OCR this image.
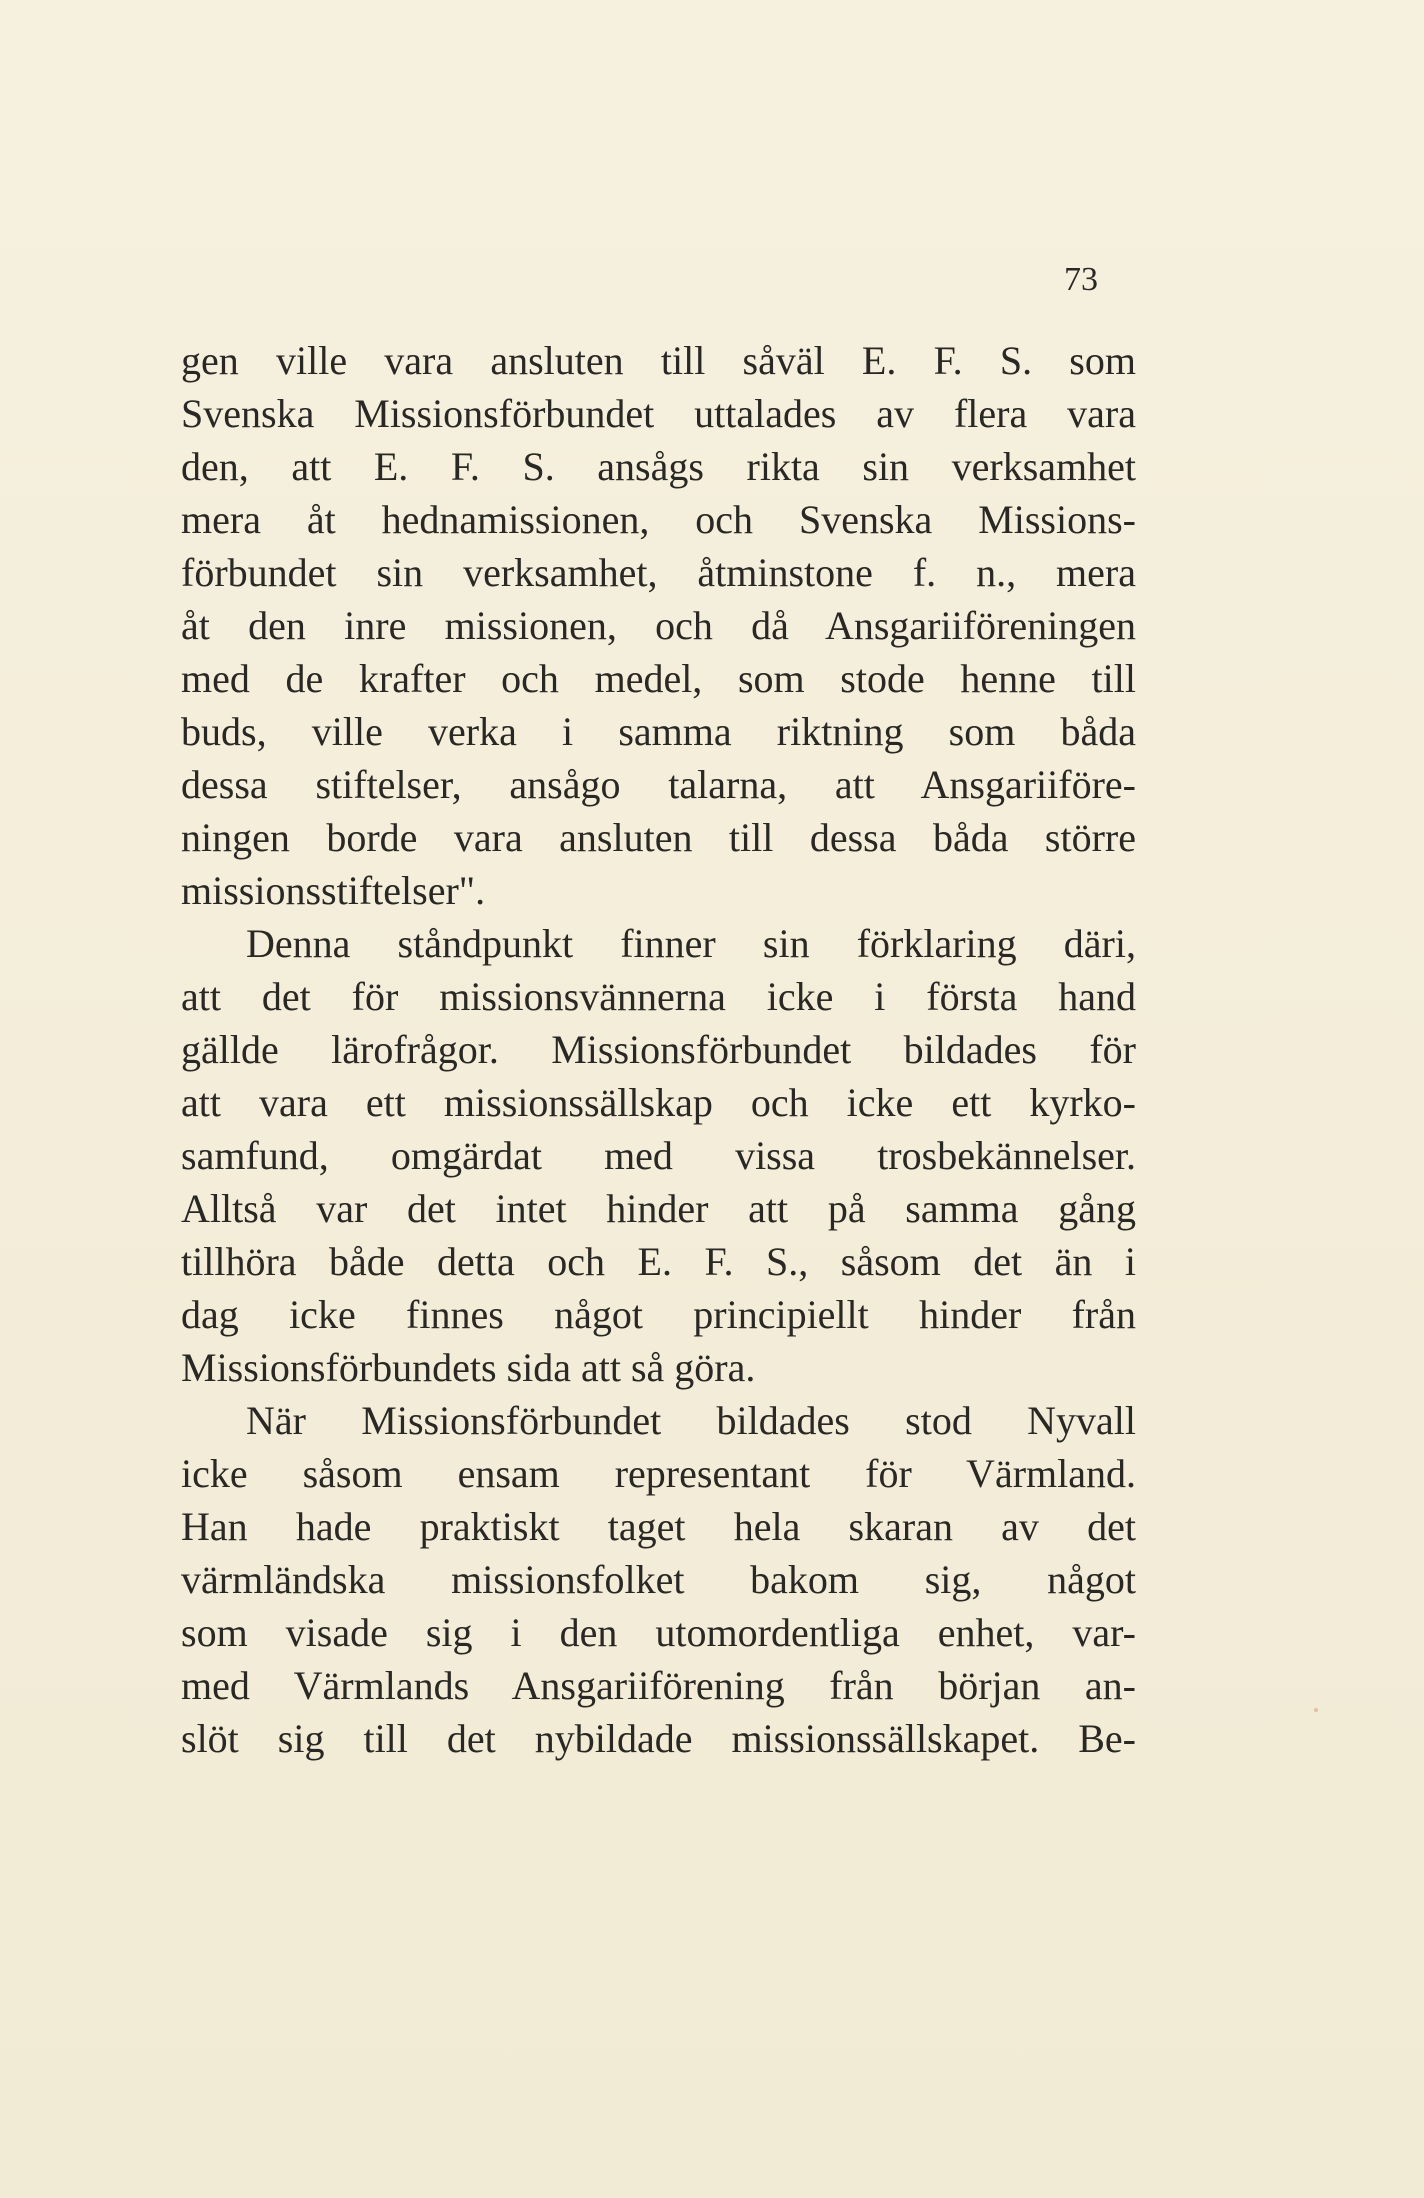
73
gen ville vara ansluten till såväl E. F. S. som
Svenska Missionsförbundet uttalades av flera vara
den, att E. F. S. ansågs rikta sin verksamhet
mera åt hednamissionen, och Svenska Missions-
förbundet sin verksamhet, åtminstone f. n., mera
åt den inre missionen, och då Ansgariiföreningen
med de krafter och medel, som stode henne till
buds, ville verka i samma riktning som båda
dessa stiftelser, ansågo talarna, att Ansgariiföre-
ningen borde vara ansluten till dessa båda större
missionsstiftelser".
Denna ståndpunkt finner sin förklaring däri,
att det för missionsvännerna icke i första hand
gällde lärofrågor. Missionsförbundet bildades för
att vara ett missionssällskap och icke ett kyrko-
samfund, omgärdat med vissa trosbekännelser.
Alltså var det intet hinder att på samma gång
tillhöra både detta och E. F. S., såsom det än i
dag icke finnes något principiellt hinder från
Missionsförbundets sida att så göra.
När Missionsförbundet bildades stod Nyvall
icke såsom ensam representant för Värmland.
Han hade praktiskt taget hela skaran av det
värmländska missionsfolket bakom sig, något
som visade sig i den utomordentliga enhet, var-
med Värmlands Ansgariiförening från början an-
slöt sig till det nybildade missionssällskapet. Be-
